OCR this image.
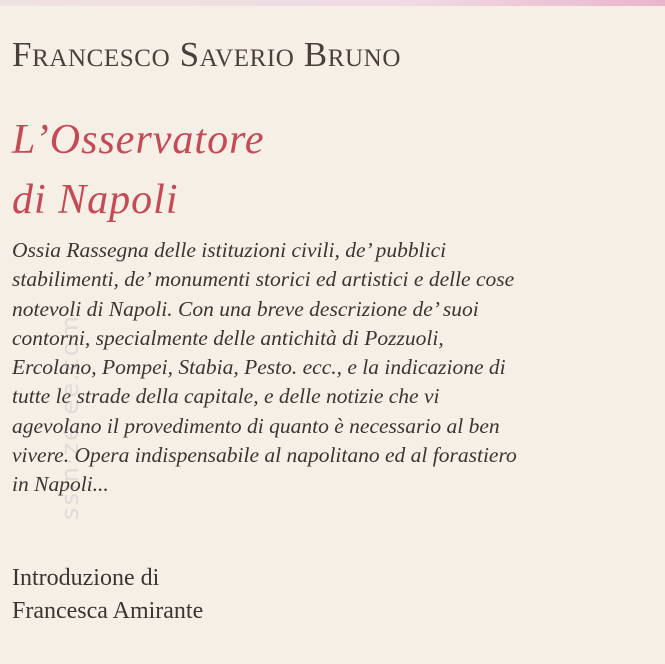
Francesco Saverio Bruno
L’Osservatore
di Napoli
Ossia Rassegna delle istituzioni civili, de’ pubblici
stabilimenti, de’ monumenti storici ed artistici e delle cose
notevoli di Napoli. Con una breve descrizione de’ suoi
contorni, specialmente delle antichità di Pozzuoli,
Ercolano, Pompei, Stabia, Pesto. ecc., e la indicazione di
tutte le strade della capitale, e delle notizie che vi
agevolano il provedimento di quanto è necessario al ben
vivere. Opera indispensabile al napolitano ed al forastiero
in Napoli...
Introduzione di
Francesca Amirante
ssin·ze·ee.com
